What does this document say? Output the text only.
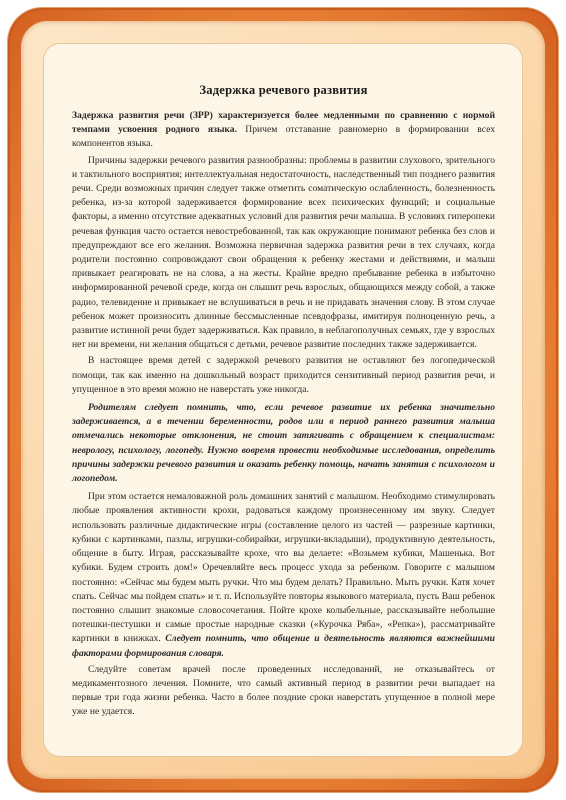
Задержка речевого развития

Задержка развития речи (ЗРР) характеризуется более медленными по сравнению с нормой темпами усвоения родного языка. Причем отставание равномерно в формировании всех компонентов языка.

Причины задержки речевого развития разнообразны: проблемы в развитии слухового, зрительного и тактильного восприятия; интеллектуальная недостаточность, наследственный тип позднего развития речи. Среди возможных причин следует также отметить соматическую ослабленность, болезненность ребенка, из-за которой задерживается формирование всех психических функций; и социальные факторы, а именно отсутствие адекватных условий для развития речи малыша. В условиях гиперопеки речевая функция часто остается невостребованной, так как окружающие понимают ребенка без слов и предупреждают все его желания. Возможна первичная задержка развития речи в тех случаях, когда родители постоянно сопровождают свои обращения к ребенку жестами и действиями, и малыш привыкает реагировать не на слова, а на жесты. Крайне вредно пребывание ребенка в избыточно информированной речевой среде, когда он слышит речь взрослых, общающихся между собой, а также радио, телевидение и привыкает не вслушиваться в речь и не придавать значения слову. В этом случае ребенок может произносить длинные бессмысленные псевдофразы, имитируя полноценную речь, а развитие истинной речи будет задерживаться. Как правило, в неблагополучных семьях, где у взрослых нет ни времени, ни желания общаться с детьми, речевое развитие последних также задерживается.

В настоящее время детей с задержкой речевого развития не оставляют без логопедической помощи, так как именно на дошкольный возраст приходится сензитивный период развития речи, и упущенное в это время можно не наверстать уже никогда.

Родителям следует помнить, что, если речевое развитие их ребенка значительно задерживается, а в течении беременности, родов или в период раннего развития малыша отмечались некоторые отклонения, не стоит затягивать с обращением к специалистам: неврологу, психологу, логопеду. Нужно вовремя провести необходимые исследования, определить причины задержки речевого развития и оказать ребенку помощь, начать занятия с психологом и логопедом.

При этом остается немаловажной роль домашних занятий с малышом. Необходимо стимулировать любые проявления активности крохи, радоваться каждому произнесенному им звуку. Следует использовать различные дидактические игры (составление целого из частей — разрезные картинки, кубики с картинками, пазлы, игрушки-собирайки, игрушки-вкладыши), продуктивную деятельность, общение в быту. Играя, рассказывайте крохе, что вы делаете: «Возьмем кубики, Машенька. Вот кубики. Будем строить дом!» Оречевляйте весь процесс ухода за ребенком. Говорите с малышом постоянно: «Сейчас мы будем мыть ручки. Что мы будем делать? Правильно. Мыть ручки. Катя хочет спать. Сейчас мы пойдем спать» и т. п. Используйте повторы языкового материала, пусть Ваш ребенок постоянно слышит знакомые словосочетания. Пойте крохе колыбельные, рассказывайте небольшие потешки-пестушки и самые простые народные сказки («Курочка Ряба», «Репка»), рассматривайте картинки в книжках. Следует помнить, что общение и деятельность являются важнейшими факторами формирования словаря.

Следуйте советам врачей после проведенных исследований, не отказывайтесь от медикаментозного лечения. Помните, что самый активный период в развитии речи выпадает на первые три года жизни ребенка. Часто в более поздние сроки наверстать упущенное в полной мере уже не удается.
